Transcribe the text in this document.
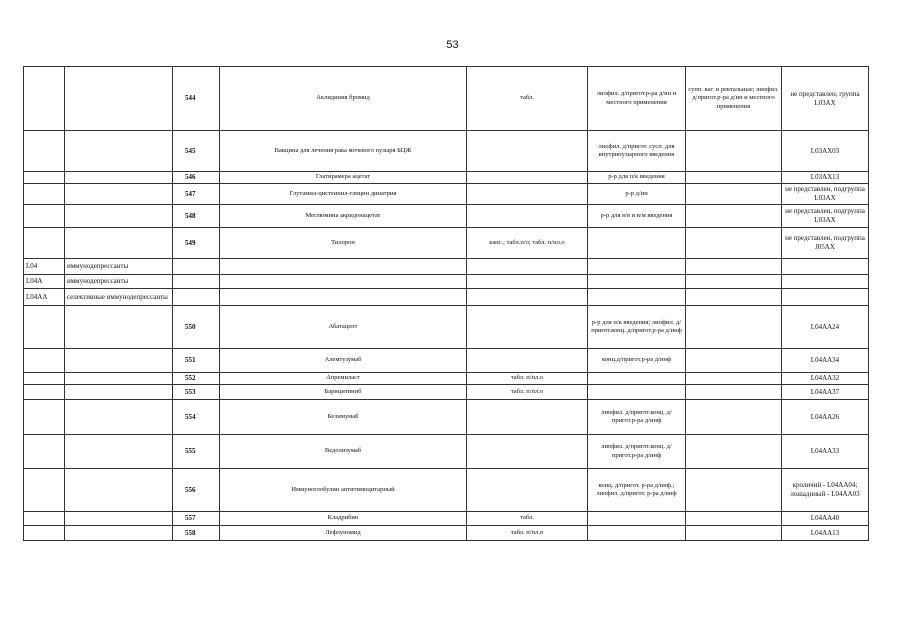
53
		544	Аклидиния бромид	табл.	лиофил. д/пригот.р-ра д/ин и местного применения	супп. ваг. и ректальные; лиофил. д/пригот.р-ра д/ин и местного применения	не представлен, группа L03AX
		545	Вакцина для лечения рака мочевого пузыря БЦЖ		лиофил. д/пригот. сусп. для внутрипузырного введения		L03AX03
		546	Глатирамера ацетат		р-р для п/к введения		L03AX13
		547	Глутамил-цистеинил-глицин динатрия		р-р д/ин		не представлен, подгруппа L03AX
		548	Меглюмина акридонацетат		р-р для в/в и в/м введения		не представлен, подгруппа L03AX
		549	Тилорон	капс.; табл.п/о; табл. п/пл.о			не представлен, подгруппа J05AX
L04	иммунодепрессанты						
L04A	иммунодепрессанты						
L04AA	селективные иммунодепрессанты						
		550	Абатацепт		р-р для п/к введения; лиофил. д/пригот.конц. д/пригот.р-ра д/инф		L04AA24
		551	Алемтузумаб		конц.д/пригот.р-ра д/инф		L04AA34
		552	Апремиласт	табл. п/пл.о			L04AA32
		553	Барицитиниб	табл. п/пл.о			L04AA37
		554	Белимумаб		лиофил. д/пригот.конц. д/пригот.р-ра д/инф		L04AA26
		555	Ведолизумаб		лиофил. д/пригот.конц. д/пригот.р-ра д/инф		L04AA33
		556	Иммуноглобулин антитимоцитарный		конц. д/пригот. р-ра д/инф.; лиофил. д/пригот. р-ра д/инф		кроличий - L04AA04; лошадиный - L04AA03
		557	Кладрибин	табл.			L04AA40
		558	Лефлуномид	табл. п/пл.о			L04AA13
